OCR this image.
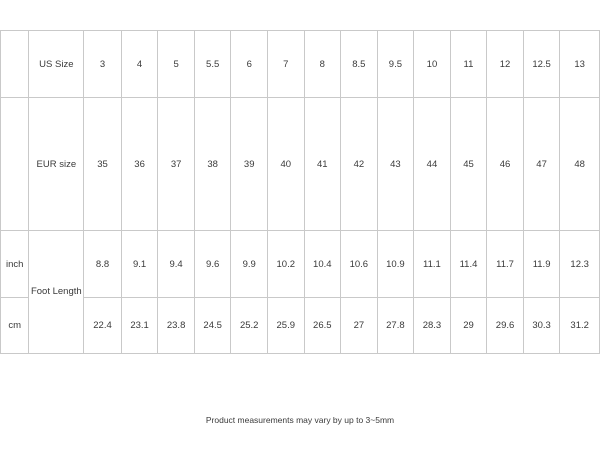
	US Size	3	4	5	5.5	6	7	8	8.5	9.5	10	11	12	12.5	13
	EUR size	35	36	37	38	39	40	41	42	43	44	45	46	47	48
inch	Foot Length	8.8	9.1	9.4	9.6	9.9	10.2	10.4	10.6	10.9	11.1	11.4	11.7	11.9	12.3
cm		22.4	23.1	23.8	24.5	25.2	25.9	26.5	27	27.8	28.3	29	29.6	30.3	31.2
Product measurements may vary by up to 3~5mm
